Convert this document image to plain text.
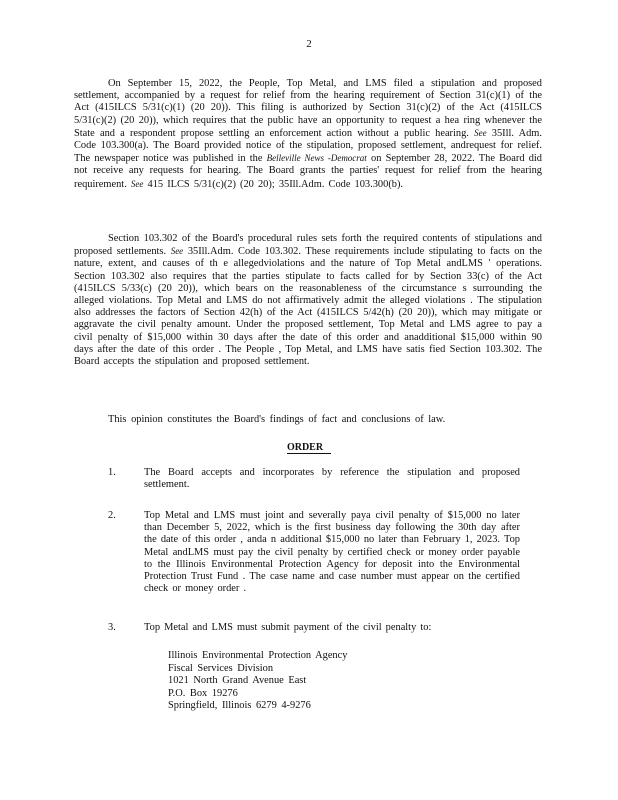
2

On September 15, 2022, the People, Top Metal, and LMS filed a stipulation and proposed settlement, accompanied by a request for relief from the hearing requirement of Section 31(c)(1) of the Act (415ILCS 5/31(c)(1) (20 20)). This filing is authorized by Section 31(c)(2) of the Act (415ILCS 5/31(c)(2) (20 20)), which requires that the public have an opportunity to request a hea ring whenever the State and a respondent propose settling an enforcement action without a public hearing. See 35Ill. Adm. Code 103.300(a). The Board provided notice of the stipulation, proposed settlement, andrequest for relief. The newspaper notice was published in the Belleville News -Democrat on September 28, 2022. The Board did not receive any requests for hearing. The Board grants the parties' request for relief from the hearing requirement. See 415 ILCS 5/31(c)(2) (20 20); 35Ill.Adm. Code 103.300(b).

Section 103.302 of the Board's procedural rules sets forth the required contents of stipulations and proposed settlements. See 35Ill.Adm. Code 103.302. These requirements include stipulating to facts on the nature, extent, and causes of th e allegedviolations and the nature of Top Metal andLMS ' operations. Section 103.302 also requires that the parties stipulate to facts called for by Section 33(c) of the Act (415ILCS 5/33(c) (20 20)), which bears on the reasonableness of the circumstance s surrounding the alleged violations. Top Metal and LMS do not affirmatively admit the alleged violations . The stipulation also addresses the factors of Section 42(h) of the Act (415ILCS 5/42(h) (20 20)), which may mitigate or aggravate the civil penalty amount. Under the proposed settlement, Top Metal and LMS agree to pay a civil penalty of $15,000 within 30 days after the date of this order and anadditional $15,000 within 90 days after the date of this order . The People , Top Metal, and LMS have satis fied Section 103.302. The Board accepts the stipulation and proposed settlement.

This opinion constitutes the Board's findings of fact and conclusions of law.
ORDER
1.	The Board accepts and incorporates by reference the stipulation and proposed settlement.
2.	Top Metal and LMS must joint and severally paya civil penalty of $15,000 no later than December 5, 2022, which is the first business day following the 30th day after the date of this order , anda n additional $15,000 no later than February 1, 2023. Top Metal andLMS must pay the civil penalty by certified check or money order payable to the Illinois Environmental Protection Agency for deposit into the Environmental Protection Trust Fund . The case name and case number must appear on the certified check or money order .
3.	Top Metal and LMS must submit payment of the civil penalty to:
Illinois Environmental Protection Agency
Fiscal Services Division
1021 North Grand Avenue East
P.O. Box 19276
Springfield, Illinois 6279 4-9276
